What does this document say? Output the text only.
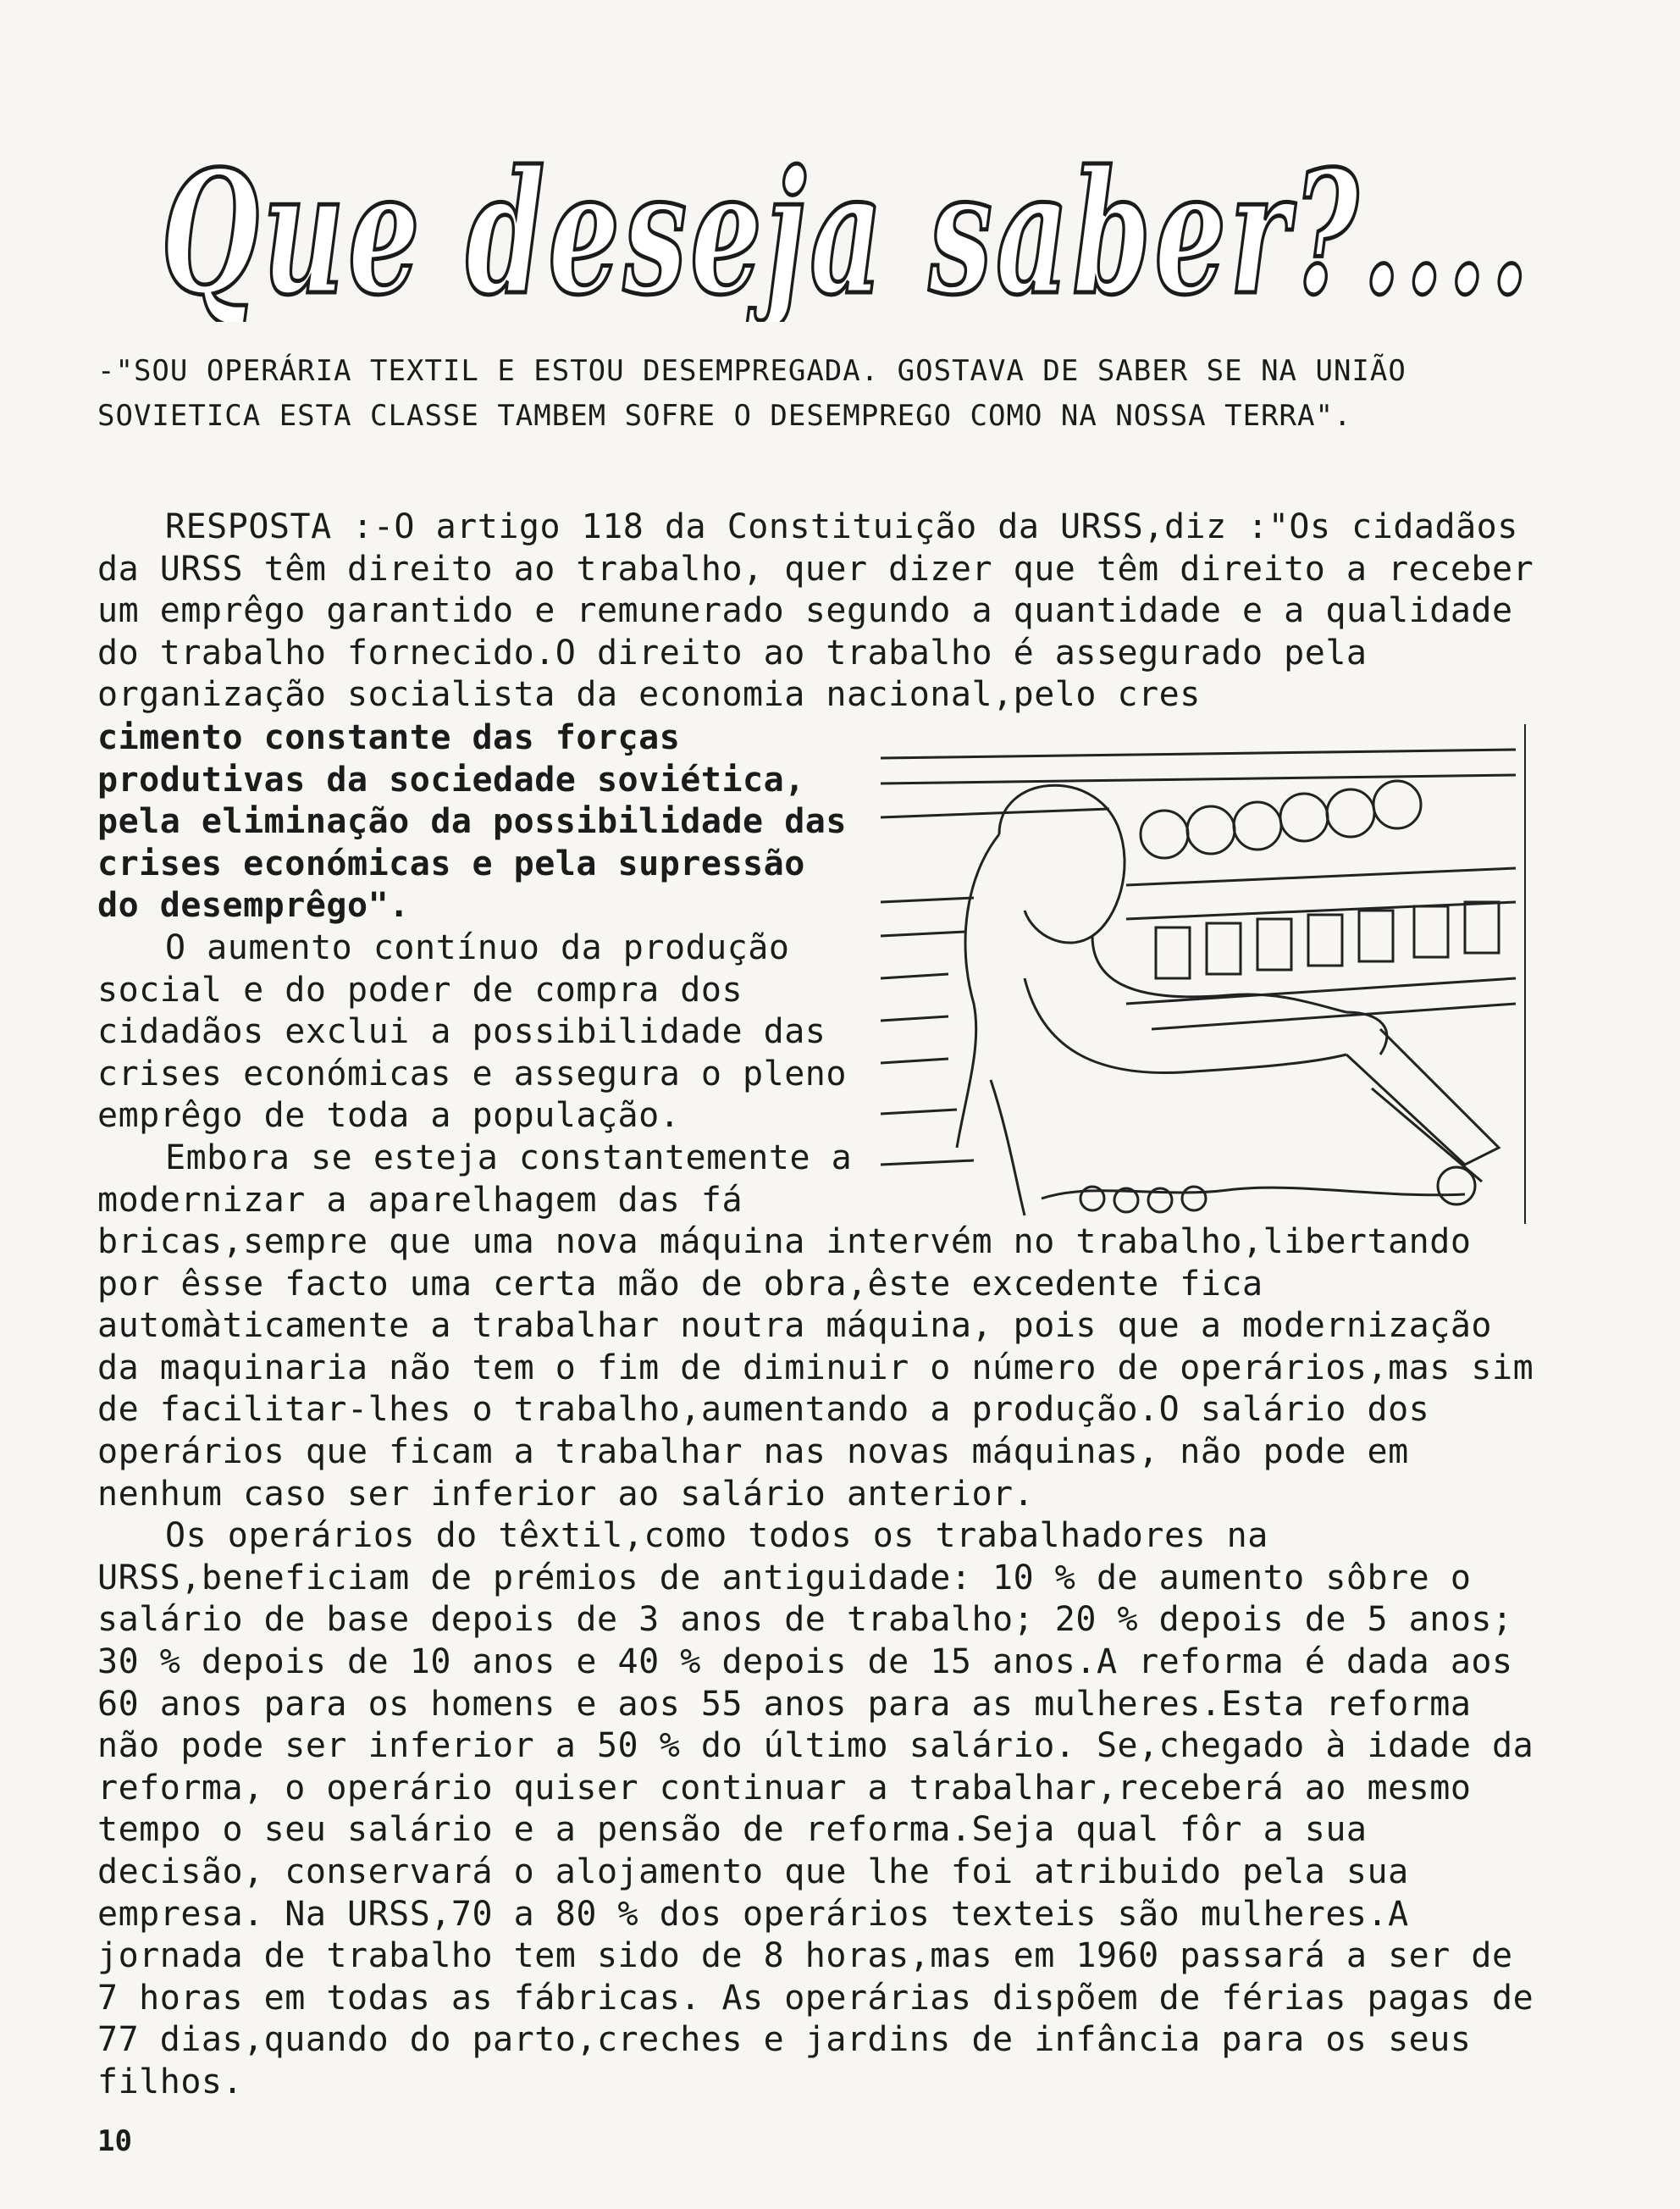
Que deseja saber?....

-"SOU OPERÁRIA TEXTIL E ESTOU DESEMPREGADA. GOSTAVA DE SABER SE NA UNIÃO SOVIETICA ESTA CLASSE TAMBEM SOFRE O DESEMPREGO COMO NA NOSSA TERRA".

RESPOSTA :-O artigo 118 da Constituição da URSS,diz :"Os cidadãos da URSS têm direito ao trabalho, quer dizer que têm direito a receber um emprêgo garantido e remunerado segundo a quantidade e a qualidade do trabalho fornecido.O direito ao trabalho é assegurado pela organização socialista da economia nacional,pelo cres

cimento constante das forças produtivas da sociedade soviética, pela eliminação da possibilidade das crises económicas e pela supressão do desemprêgo".

O aumento contínuo da produção social e do poder de compra dos cidadãos exclui a possibilidade das crises económicas e assegura o pleno emprêgo de toda a população.

Embora se esteja constantemente a modernizar a aparelhagem das fá

bricas,sempre que uma nova máquina intervém no trabalho,libertando por êsse facto uma certa mão de obra,êste excedente fica automàticamente a trabalhar noutra máquina, pois que a modernização da maquinaria não tem o fim de diminuir o número de operários,mas sim de facilitar-lhes o trabalho,aumentando a produção.O salário dos operários que ficam a trabalhar nas novas máquinas, não pode em nenhum caso ser inferior ao salário anterior.

Os operários do têxtil,como todos os trabalhadores na URSS,beneficiam de prémios de antiguidade: 10 % de aumento sôbre o salário de base depois de 3 anos de trabalho; 20 % depois de 5 anos; 30 % depois de 10 anos e 40 % depois de 15 anos.A reforma é dada aos 60 anos para os homens e aos 55 anos para as mulheres.Esta reforma não pode ser inferior a 50 % do último salário. Se,chegado à idade da reforma, o operário quiser continuar a trabalhar,receberá ao mesmo tempo o seu salário e a pensão de reforma.Seja qual fôr a sua decisão, conservará o alojamento que lhe foi atribuido pela sua empresa. Na URSS,70 a 80 % dos operários texteis são mulheres.A jornada de trabalho tem sido de 8 horas,mas em 1960 passará a ser de 7 horas em todas as fábricas. As operárias dispõem de férias pagas de 77 dias,quando do parto,creches e jardins de infância para os seus filhos.

10
